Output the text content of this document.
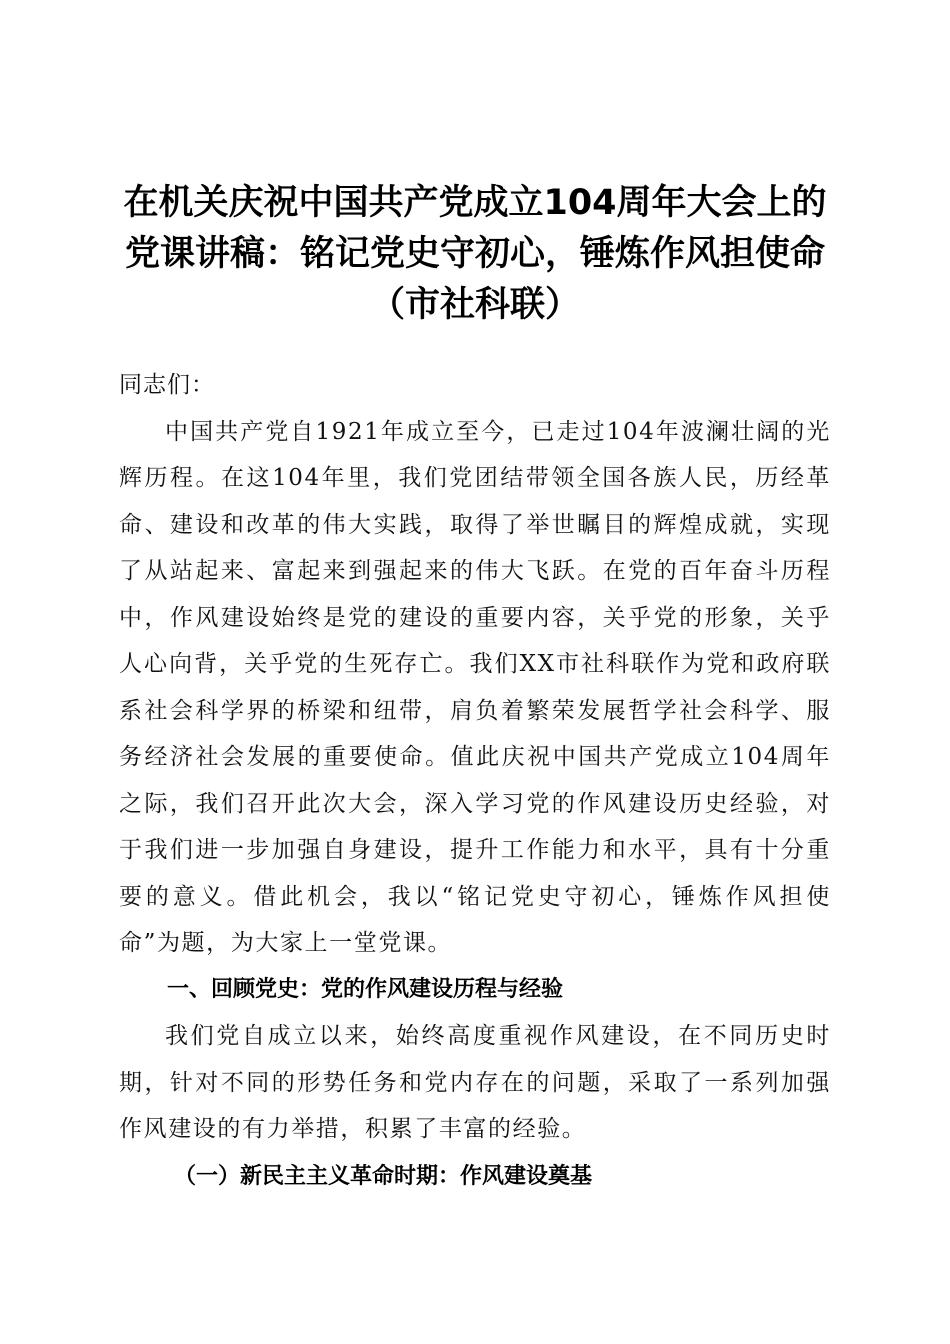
在机关庆祝中国共产党成立104周年大会上的
党课讲稿：铭记党史守初心，锤炼作风担使命
（市社科联）

同志们：

中国共产党自1921年成立至今，已走过104年波澜壮阔的光辉历程。在这104年里，我们党团结带领全国各族人民，历经革命、建设和改革的伟大实践，取得了举世瞩目的辉煌成就，实现了从站起来、富起来到强起来的伟大飞跃。在党的百年奋斗历程中，作风建设始终是党的建设的重要内容，关乎党的形象，关乎人心向背，关乎党的生死存亡。我们XX市社科联作为党和政府联系社会科学界的桥梁和纽带，肩负着繁荣发展哲学社会科学、服务经济社会发展的重要使命。值此庆祝中国共产党成立104周年之际，我们召开此次大会，深入学习党的作风建设历史经验，对于我们进一步加强自身建设，提升工作能力和水平，具有十分重要的意义。借此机会，我以“铭记党史守初心，锤炼作风担使命”为题，为大家上一堂党课。

一、回顾党史：党的作风建设历程与经验

我们党自成立以来，始终高度重视作风建设，在不同历史时期，针对不同的形势任务和党内存在的问题，采取了一系列加强作风建设的有力举措，积累了丰富的经验。

（一）新民主主义革命时期：作风建设奠基
